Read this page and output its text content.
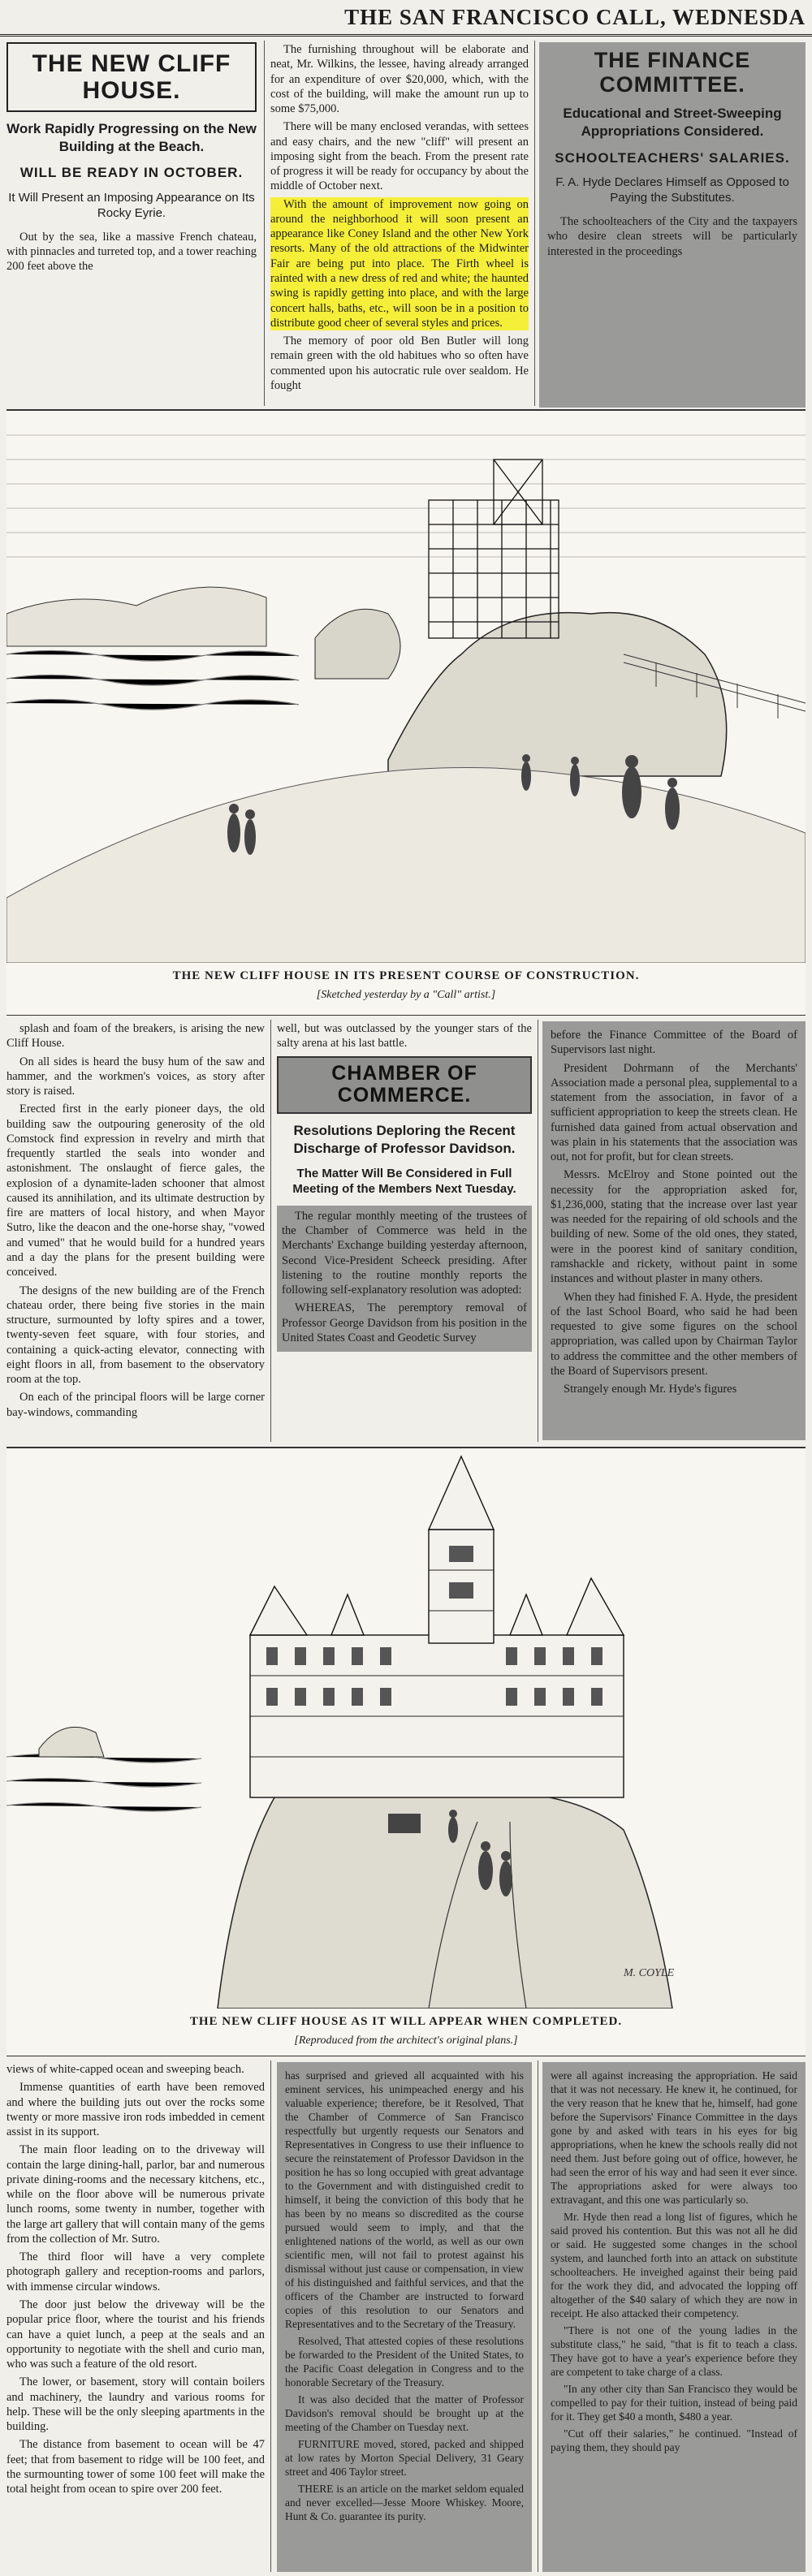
THE SAN FRANCISCO CALL, WEDNESDA
THE NEW CLIFF HOUSE.
Work Rapidly Progressing on the New Building at the Beach.
WILL BE READY IN OCTOBER.
It Will Present an Imposing Appearance on Its Rocky Eyrie.

Out by the sea, like a massive French chateau, with pinnacles and turreted top, and a tower reaching 200 feet above the

The furnishing throughout will be elaborate and neat, Mr. Wilkins, the lessee, having already arranged for an expenditure of over $20,000, which, with the cost of the building, will make the amount run up to some $75,000.

There will be many enclosed verandas, with settees and easy chairs, and the new "cliff" will present an imposing sight from the beach. From the present rate of progress it will be ready for occupancy by about the middle of October next.

With the amount of improvement now going on around the neighborhood it will soon present an appearance like Coney Island and the other New York resorts. Many of the old attractions of the Midwinter Fair are being put into place. The Firth wheel is rainted with a new dress of red and white; the haunted swing is rapidly getting into place, and with the large concert halls, baths, etc., will soon be in a position to distribute good cheer of several styles and prices.

The memory of poor old Ben Butler will long remain green with the old habitues who so often have commented upon his autocratic rule over sealdom. He fought

THE FINANCE COMMITTEE.
Educational and Street-Sweeping Appropriations Considered.
SCHOOLTEACHERS' SALARIES.
F. A. Hyde Declares Himself as Opposed to Paying the Substitutes.

The schoolteachers of the City and the taxpayers who desire clean streets will be particularly interested in the proceedings

THE NEW CLIFF HOUSE IN ITS PRESENT COURSE OF CONSTRUCTION.
[Sketched yesterday by a "Call" artist.]

splash and foam of the breakers, is arising the new Cliff House.

On all sides is heard the busy hum of the saw and hammer, and the workmen's voices, as story after story is raised.

Erected first in the early pioneer days, the old building saw the outpouring generosity of the old Comstock find expression in revelry and mirth that frequently startled the seals into wonder and astonishment. The onslaught of fierce gales, the explosion of a dynamite-laden schooner that almost caused its annihilation, and its ultimate destruction by fire are matters of local history, and when Mayor Sutro, like the deacon and the one-horse shay, "vowed and vumed" that he would build for a hundred years and a day the plans for the present building were conceived.

The designs of the new building are of the French chateau order, there being five stories in the main structure, surmounted by lofty spires and a tower, twenty-seven feet square, with four stories, and containing a quick-acting elevator, connecting with eight floors in all, from basement to the observatory room at the top.

On each of the principal floors will be large corner bay-windows, commanding

well, but was outclassed by the younger stars of the salty arena at his last battle.

CHAMBER OF COMMERCE.
Resolutions Deploring the Recent Discharge of Professor Davidson.
The Matter Will Be Considered in Full Meeting of the Members Next Tuesday.

The regular monthly meeting of the trustees of the Chamber of Commerce was held in the Merchants' Exchange building yesterday afternoon, Second Vice-President Scheeck presiding. After listening to the routine monthly reports the following self-explanatory resolution was adopted:

WHEREAS, The peremptory removal of Professor George Davidson from his position in the United States Coast and Geodetic Survey

before the Finance Committee of the Board of Supervisors last night.

President Dohrmann of the Merchants' Association made a personal plea, supplemental to a statement from the association, in favor of a sufficient appropriation to keep the streets clean. He furnished data gained from actual observation and was plain in his statements that the association was out, not for profit, but for clean streets.

Messrs. McElroy and Stone pointed out the necessity for the appropriation asked for, $1,236,000, stating that the increase over last year was needed for the repairing of old schools and the building of new. Some of the old ones, they stated, were in the poorest kind of sanitary condition, ramshackle and rickety, without paint in some instances and without plaster in many others.

When they had finished F. A. Hyde, the president of the last School Board, who said he had been requested to give some figures on the school appropriation, was called upon by Chairman Taylor to address the committee and the other members of the Board of Supervisors present.

Strangely enough Mr. Hyde's figures

M. COYLE
THE NEW CLIFF HOUSE AS IT WILL APPEAR WHEN COMPLETED.
[Reproduced from the architect's original plans.]

views of white-capped ocean and sweeping beach.

Immense quantities of earth have been removed and where the building juts out over the rocks some twenty or more massive iron rods imbedded in cement assist in its support.

The main floor leading on to the driveway will contain the large dining-hall, parlor, bar and numerous private dining-rooms and the necessary kitchens, etc., while on the floor above will be numerous private lunch rooms, some twenty in number, together with the large art gallery that will contain many of the gems from the collection of Mr. Sutro.

The third floor will have a very complete photograph gallery and reception-rooms and parlors, with immense circular windows.

The door just below the driveway will be the popular price floor, where the tourist and his friends can have a quiet lunch, a peep at the seals and an opportunity to negotiate with the shell and curio man, who was such a feature of the old resort.

The lower, or basement, story will contain boilers and machinery, the laundry and various rooms for help. These will be the only sleeping apartments in the building.

The distance from basement to ocean will be 47 feet; that from basement to ridge will be 100 feet, and the surmounting tower of some 100 feet will make the total height from ocean to spire over 200 feet.

has surprised and grieved all acquainted with his eminent services, his unimpeached energy and his valuable experience; therefore, be it Resolved, That the Chamber of Commerce of San Francisco respectfully but urgently requests our Senators and Representatives in Congress to use their influence to secure the reinstatement of Professor Davidson in the position he has so long occupied with great advantage to the Government and with distinguished credit to himself, it being the conviction of this body that he has been by no means so discredited as the course pursued would seem to imply, and that the enlightened nations of the world, as well as our own scientific men, will not fail to protest against his dismissal without just cause or compensation, in view of his distinguished and faithful services, and that the officers of the Chamber are instructed to forward copies of this resolution to our Senators and Representatives and to the Secretary of the Treasury.

Resolved, That attested copies of these resolutions be forwarded to the President of the United States, to the Pacific Coast delegation in Congress and to the honorable Secretary of the Treasury.

It was also decided that the matter of Professor Davidson's removal should be brought up at the meeting of the Chamber on Tuesday next.

FURNITURE moved, stored, packed and shipped at low rates by Morton Special Delivery, 31 Geary street and 406 Taylor street.

THERE is an article on the market seldom equaled and never excelled—Jesse Moore Whiskey. Moore, Hunt & Co. guarantee its purity.

were all against increasing the appropriation. He said that it was not necessary. He knew it, he continued, for the very reason that he knew that he, himself, had gone before the Supervisors' Finance Committee in the days gone by and asked with tears in his eyes for big appropriations, when he knew the schools really did not need them. Just before going out of office, however, he had seen the error of his way and had seen it ever since. The appropriations asked for were always too extravagant, and this one was particularly so.

Mr. Hyde then read a long list of figures, which he said proved his contention. But this was not all he did or said. He suggested some changes in the school system, and launched forth into an attack on substitute schoolteachers. He inveighed against their being paid for the work they did, and advocated the lopping off altogether of the $40 salary of which they are now in receipt. He also attacked their competency.

"There is not one of the young ladies in the substitute class," he said, "that is fit to teach a class. They have got to have a year's experience before they are competent to take charge of a class.

"In any other city than San Francisco they would be compelled to pay for their tuition, instead of being paid for it. They get $40 a month, $480 a year.

"Cut off their salaries," he continued. "Instead of paying them, they should pay
